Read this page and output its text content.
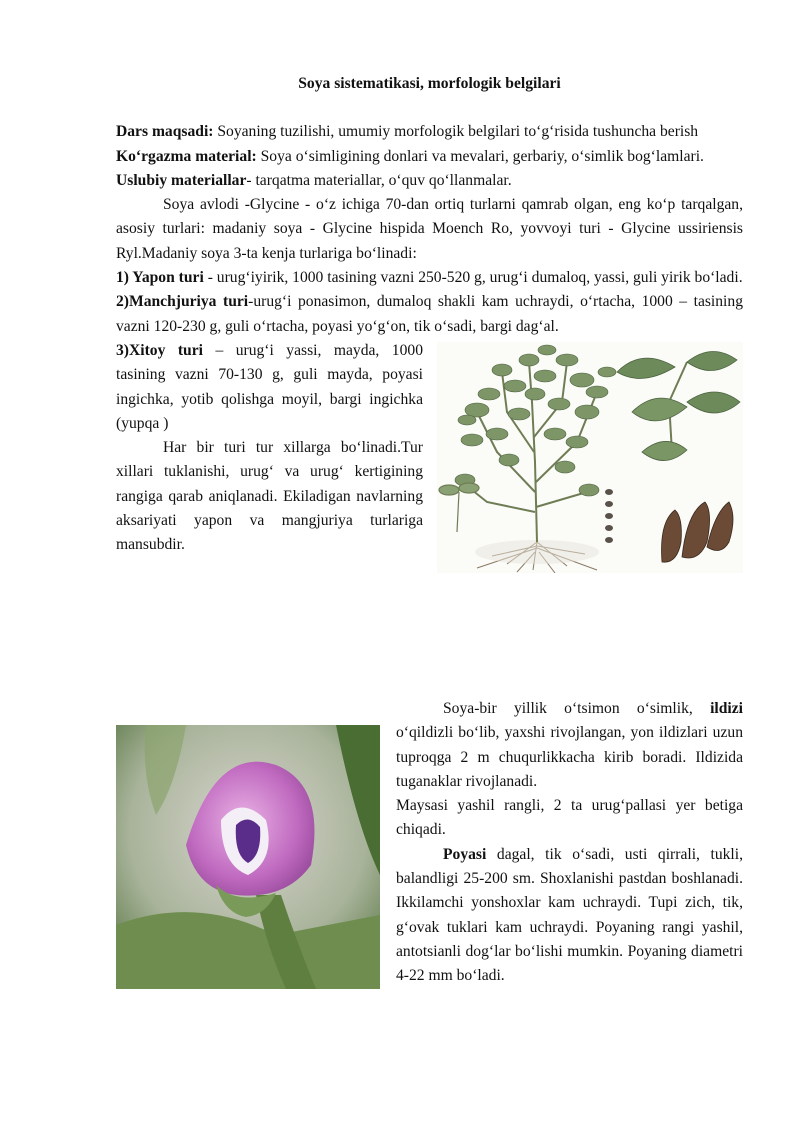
Soya sistematikasi, morfologik belgilari

Dars maqsadi: Soyaning tuzilishi, umumiy morfologik belgilari to‘g‘risida tushuncha berish

Ko‘rgazma material: Soya o‘simligining donlari va mevalari, gerbariy, o‘simlik bog‘lamlari.

Uslubiy materiallar- tarqatma materiallar, o‘quv qo‘llanmalar.

Soya avlodi -Glycine - o‘z ichiga 70-dan ortiq turlarni qamrab olgan, eng ko‘p tarqalgan, asosiy turlari: madaniy soya - Glycine hispida Moench Ro, yovvoyi turi - Glycine ussiriensis Ryl.Madaniy soya 3-ta kenja turlariga bo‘linadi:

1) Yapon turi - urug‘iyirik, 1000 tasining vazni 250-520 g, urug‘i dumaloq, yassi, guli yirik bo‘ladi.

2)Manchjuriya turi-urug‘i ponasimon, dumaloq shakli kam uchraydi, o‘rtacha, 1000 – tasining vazni 120-230 g, guli o‘rtacha, poyasi yo‘g‘on, tik o‘sadi, bargi dag‘al.

3)Xitoy turi – urug‘i yassi, mayda, 1000 tasining vazni 70-130 g, guli mayda, poyasi ingichka, yotib qolishga moyil, bargi ingichka (yupqa )

Har bir turi tur xillarga bo‘linadi.Tur xillari tuklanishi, urug‘ va urug‘ kertigining rangiga qarab aniqlanadi. Ekiladigan navlarning aksariyati yapon va mangjuriya turlariga mansubdir.

Soya-bir yillik o‘tsimon o‘simlik, ildizi o‘qildizli bo‘lib, yaxshi rivojlangan, yon ildizlari uzun tuproqga 2 m chuqurlikkacha kirib boradi. Ildizida tuganaklar rivojlanadi.

Maysasi yashil rangli, 2 ta urug‘pallasi yer betiga chiqadi.

Poyasi dagal, tik o‘sadi, usti qirrali, tukli, balandligi 25-200 sm. Shoxlanishi pastdan boshlanadi. Ikkilamchi yonshoxlar kam uchraydi. Tupi zich, tik, g‘ovak tuklari kam uchraydi. Poyaning rangi yashil, antotsianli dog‘lar bo‘lishi mumkin. Poyaning diametri 4-22 mm bo‘ladi.
